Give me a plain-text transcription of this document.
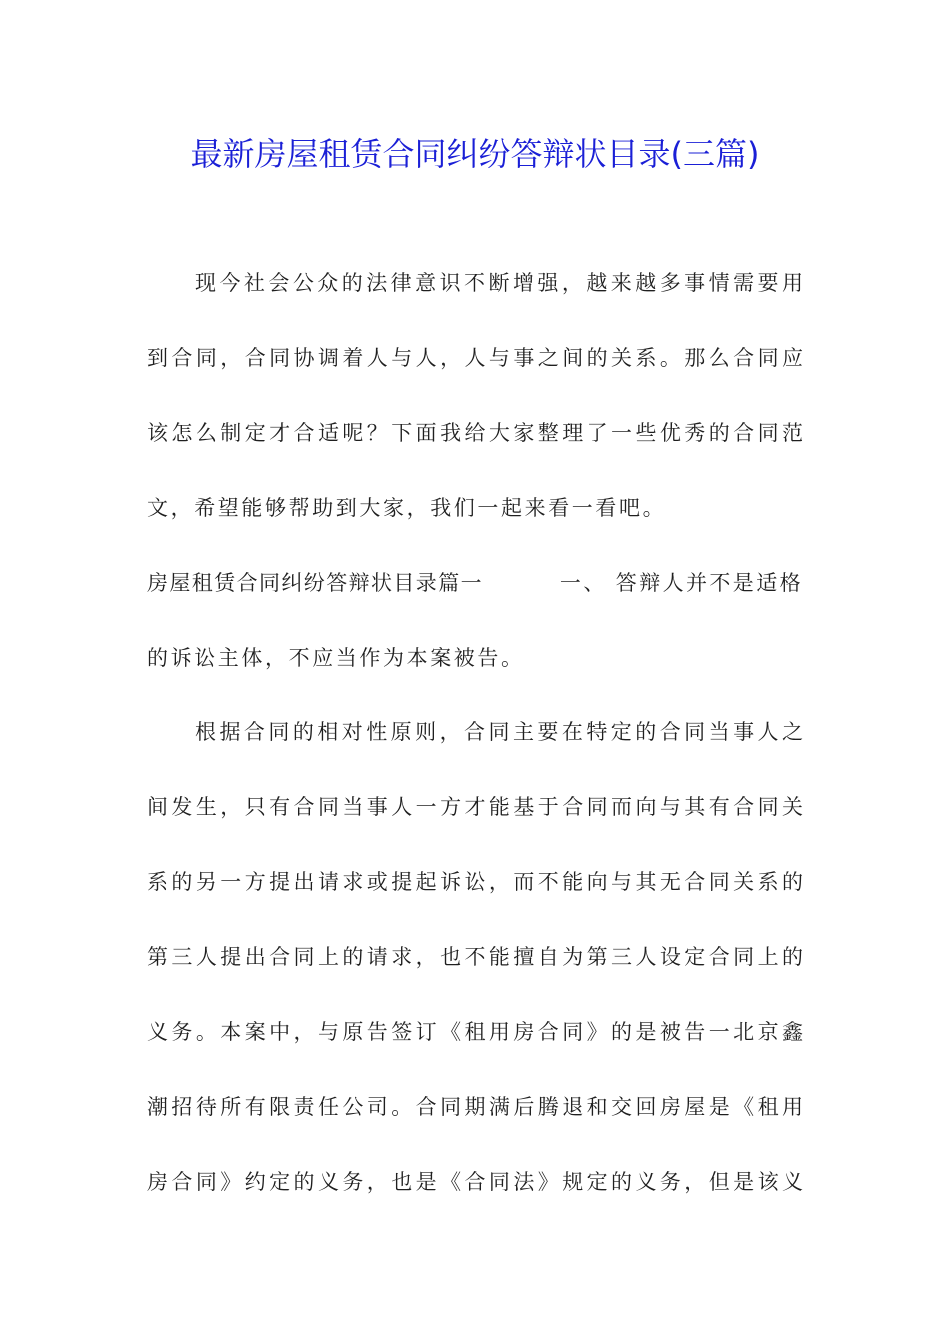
最新房屋租赁合同纠纷答辩状目录(三篇)
现今社会公众的法律意识不断增强，越来越多事情需要用
到合同，合同协调着人与人，人与事之间的关系。那么合同应
该怎么制定才合适呢？下面我给大家整理了一些优秀的合同范
文，希望能够帮助到大家，我们一起来看一看吧。
房屋租赁合同纠纷答辩状目录篇一	一、 答辩人并不是适格
的诉讼主体，不应当作为本案被告。
根据合同的相对性原则，合同主要在特定的合同当事人之
间发生，只有合同当事人一方才能基于合同而向与其有合同关
系的另一方提出请求或提起诉讼，而不能向与其无合同关系的
第三人提出合同上的请求，也不能擅自为第三人设定合同上的
义务。本案中，与原告签订《租用房合同》的是被告一北京鑫
潮招待所有限责任公司。合同期满后腾退和交回房屋是《租用
房合同》约定的义务，也是《合同法》规定的义务，但是该义
